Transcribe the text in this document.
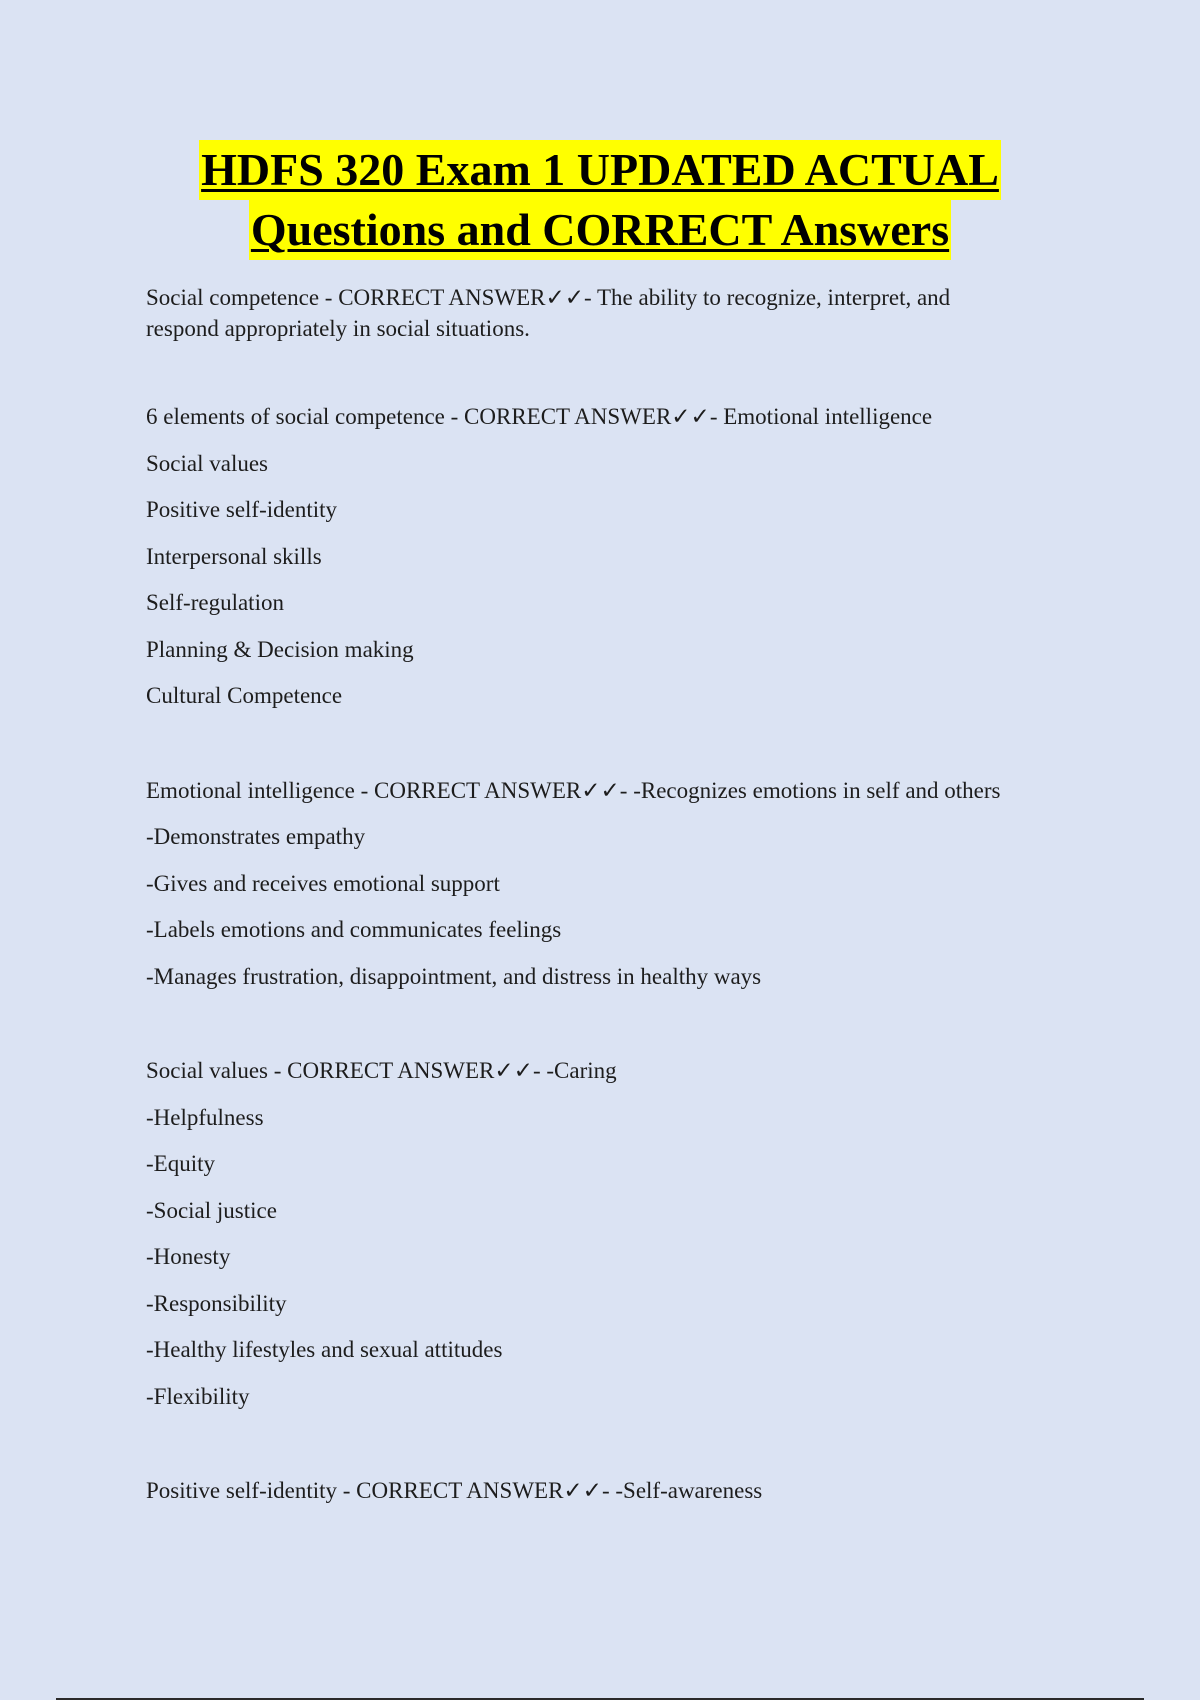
HDFS 320 Exam 1 UPDATED ACTUAL
Questions and CORRECT Answers
Social competence - CORRECT ANSWER✓✓- The ability to recognize, interpret, and
respond appropriately in social situations.
6 elements of social competence - CORRECT ANSWER✓✓- Emotional intelligence
Social values
Positive self-identity
Interpersonal skills
Self-regulation
Planning & Decision making
Cultural Competence
Emotional intelligence - CORRECT ANSWER✓✓- -Recognizes emotions in self and others
-Demonstrates empathy
-Gives and receives emotional support
-Labels emotions and communicates feelings
-Manages frustration, disappointment, and distress in healthy ways
Social values - CORRECT ANSWER✓✓- -Caring
-Helpfulness
-Equity
-Social justice
-Honesty
-Responsibility
-Healthy lifestyles and sexual attitudes
-Flexibility
Positive self-identity - CORRECT ANSWER✓✓- -Self-awareness
